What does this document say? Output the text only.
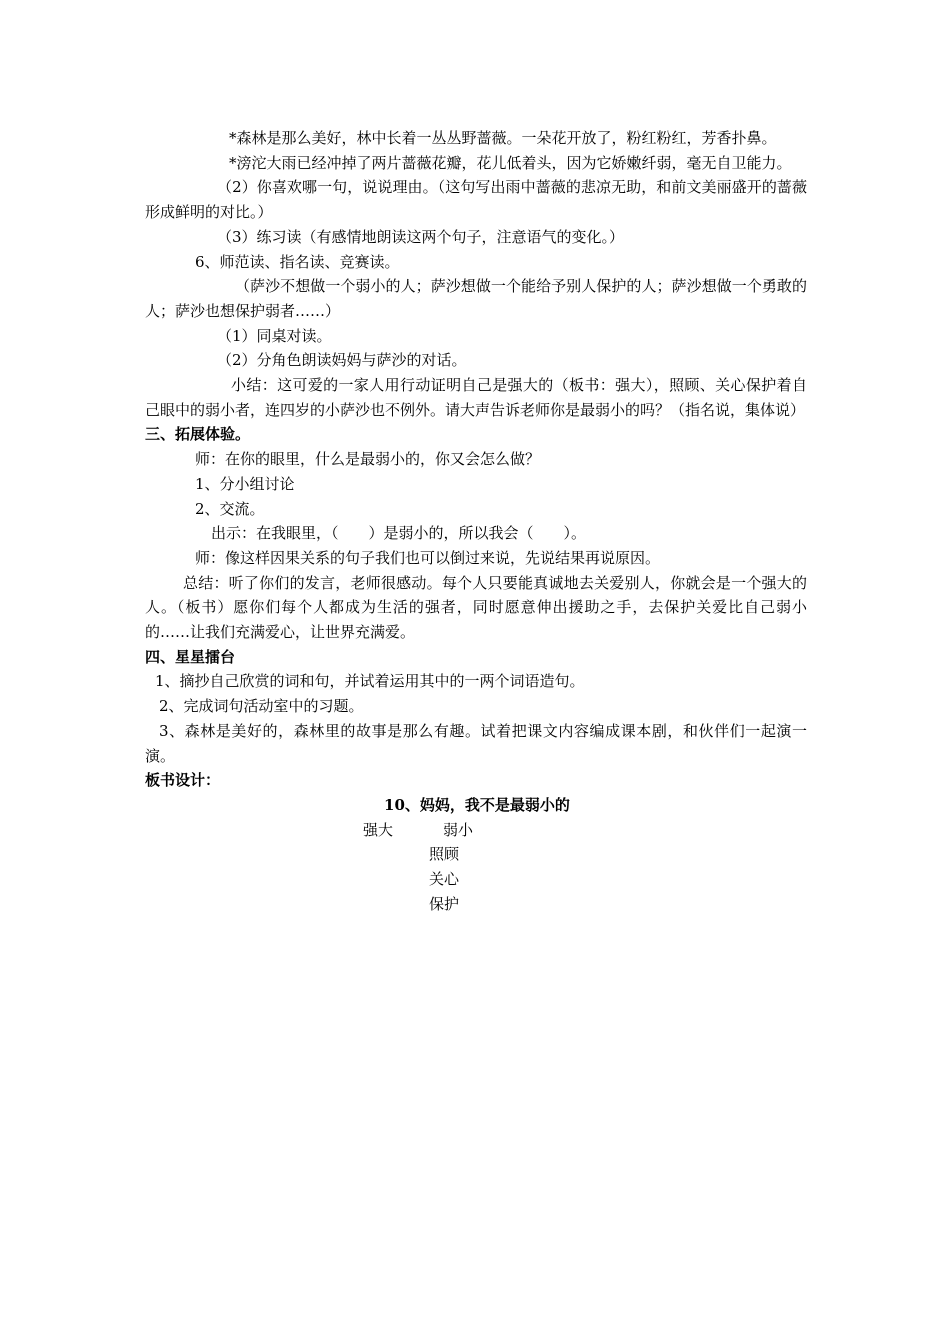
*森林是那么美好，林中长着一丛丛野蔷薇。一朵花开放了，粉红粉红，芳香扑鼻。

*滂沱大雨已经冲掉了两片蔷薇花瓣，花儿低着头，因为它娇嫩纤弱，毫无自卫能力。

（2）你喜欢哪一句，说说理由。（这句写出雨中蔷薇的悲凉无助，和前文美丽盛开的蔷薇形成鲜明的对比。）

（3）练习读（有感情地朗读这两个句子，注意语气的变化。）

6、师范读、指名读、竞赛读。

（萨沙不想做一个弱小的人；萨沙想做一个能给予别人保护的人；萨沙想做一个勇敢的人；萨沙也想保护弱者……）

（1）同桌对读。

（2）分角色朗读妈妈与萨沙的对话。

小结：这可爱的一家人用行动证明自己是强大的（板书：强大），照顾、关心保护着自己眼中的弱小者，连四岁的小萨沙也不例外。请大声告诉老师你是最弱小的吗？（指名说，集体说）

三、拓展体验。

师：在你的眼里，什么是最弱小的，你又会怎么做？

1、分小组讨论

2、交流。

出示：在我眼里，（　　）是弱小的，所以我会（　　）。

师：像这样因果关系的句子我们也可以倒过来说，先说结果再说原因。

总结：听了你们的发言，老师很感动。每个人只要能真诚地去关爱别人，你就会是一个强大的人。（板书）愿你们每个人都成为生活的强者，同时愿意伸出援助之手，去保护关爱比自己弱小的……让我们充满爱心，让世界充满爱。

四、星星擂台

1、摘抄自己欣赏的词和句，并试着运用其中的一两个词语造句。

2、完成词句活动室中的习题。

3、森林是美好的，森林里的故事是那么有趣。试着把课文内容编成课本剧，和伙伴们一起演一演。

板书设计：

10、妈妈，我不是最弱小的

强大	弱小

照顾

关心

保护
